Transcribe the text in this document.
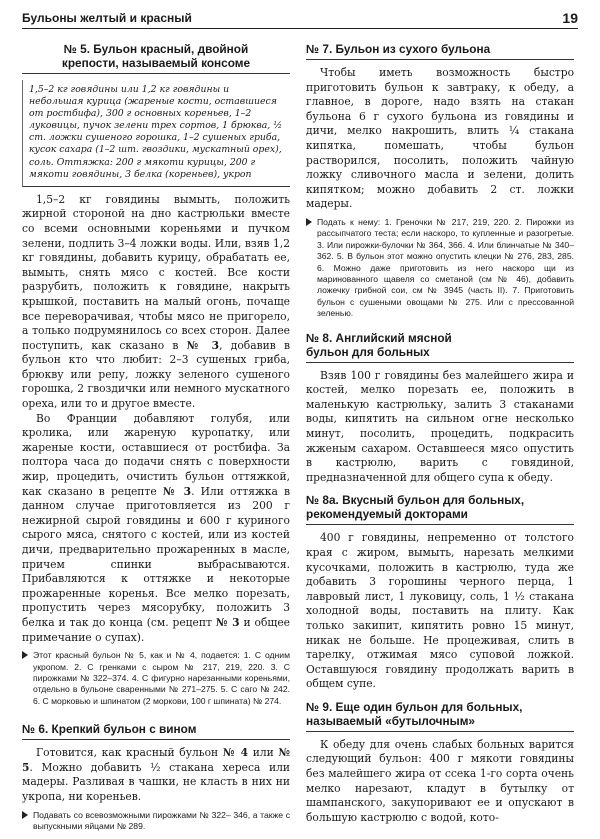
Бульоны желтый и красный	19
№ 5. Бульон красный, двойной
крепости, называемый консоме
1,5–2 кг говядины или 1,2 кг говядины и небольшая курица (жареные кости, оставшиеся от ростбифа), 300 г основных кореньев, 1–2 луковицы, пучок зелени трех сортов, 1 брюква, ½ ст. ложки сушеного горошка, 1–2 сушеных гриба, кусок сахара (1–2 шт. гвоздики, мускатный орех), соль. Оттяжка: 200 г мякоти курицы, 200 г мякоти говядины, 3 белка (кореньев), укроп

1,5–2 кг говядины вымыть, положить жирной стороной на дно кастрюльки вместе со всеми основными кореньями и пучком зелени, подлить 3–4 ложки воды. Или, взяв 1,2 кг говядины, добавить курицу, обрабатать ее, вымыть, снять мясо с костей. Все кости разрубить, положить к говядине, накрыть крышкой, поставить на малый огонь, почаще все переворачивая, чтобы мясо не пригорело, а только подрумянилось со всех сторон. Далее поступить, как сказано в № 3, добавив в бульон кто что любит: 2–3 сушеных гриба, брюкву или репу, ложку зеленого сушеного горошка, 2 гвоздички или немного мускатного ореха, или то и другое вместе.

Во Франции добавляют голубя, или кролика, или жареную куропатку, или жареные кости, оставшиеся от ростбифа. За полтора часа до подачи снять с поверхности жир, процедить, очистить бульон оттяжкой, как сказано в рецепте № 3. Или оттяжка в данном случае приготовляется из 200 г нежирной сырой говядины и 600 г куриного сырого мяса, снятого с костей, или из костей дичи, предварительно прожаренных в масле, причем спинки выбрасываются. Прибавляются к оттяжке и некоторые прожаренные коренья. Все мелко порезать, пропустить через мясорубку, положить 3 белка и так до конца (см. рецепт № 3 и общее примечание о супах).

Этот красный бульон № 5, как и № 4, подается: 1. С одним укропом. 2. С гренками с сыром № 217, 219, 220. 3. С пирожками № 322–374. 4. С фигурно нарезанными кореньями, отдельно в бульоне сваренными № 271–275. 5. С саго № 242. 6. С морковью и шпинатом (2 моркови, 100 г шпината) № 274.
№ 6. Крепкий бульон с вином

Готовится, как красный бульон № 4 или № 5. Можно добавить ½ стакана хереса или мадеры. Разливая в чашки, не класть в них ни укропа, ни кореньев.

Подавать со всевозможными пирожками № 322– 346, а также с выпускными яйцами № 289.
№ 7. Бульон из сухого бульона

Чтобы иметь возможность быстро приготовить бульон к завтраку, к обеду, а главное, в дороге, надо взять на стакан бульона 6 г сухого бульона из говядины и дичи, мелко накрошить, влить ¼ стакана кипятка, помешать, чтобы бульон растворился, посолить, положить чайную ложку сливочного масла и зелени, долить кипятком; можно добавить 2 ст. ложки мадеры.

Подать к нему: 1. Греночки № 217, 219, 220. 2. Пирожки из рассыпчатого теста; если наскоро, то купленные и разогретые. 3. Или пирожки-булочки № 364, 366. 4. Или блинчатые № 340–362. 5. В бульон этот можно опустить клецки № 276, 283, 285. 6. Можно даже приготовить из него наскоро щи из маринованного щавеля со сметаной (см № 46), добавить ложечку грибной сои, см № 3945 (часть II). 7. Приготовить бульон с сушеными овощами № 275. Или с прессованной зеленью.
№ 8. Английский мясной
бульон для больных

Взяв 100 г говядины без малейшего жира и костей, мелко порезать ее, положить в маленькую кастрюльку, залить 3 стаканами воды, кипятить на сильном огне несколько минут, посолить, процедить, подкрасить жженым сахаром. Оставшееся мясо опустить в кастрюлю, варить с говядиной, предназначенной для общего супа к обеду.

№ 8а. Вкусный бульон для больных,
рекомендуемый докторами

400 г говядины, непременно от толстого края с жиром, вымыть, нарезать мелкими кусочками, положить в кастрюлю, туда же добавить 3 горошины черного перца, 1 лавровый лист, 1 луковицу, соль, 1 ½ стакана холодной воды, поставить на плиту. Как только закипит, кипятить ровно 15 минут, никак не больше. Не процеживая, слить в тарелку, отжимая мясо суповой ложкой. Оставшуюся говядину продолжать варить в общем супе.

№ 9. Еще один бульон для больных,
называемый «бутылочным»

К обеду для очень слабых больных варится следующий бульон: 400 г мякоти говядины без малейшего жира от ссека 1-го сорта очень мелко нарезают, кладут в бутылку от шампанского, закупоривают ее и опускают в большую кастрюлю с водой, кото-
